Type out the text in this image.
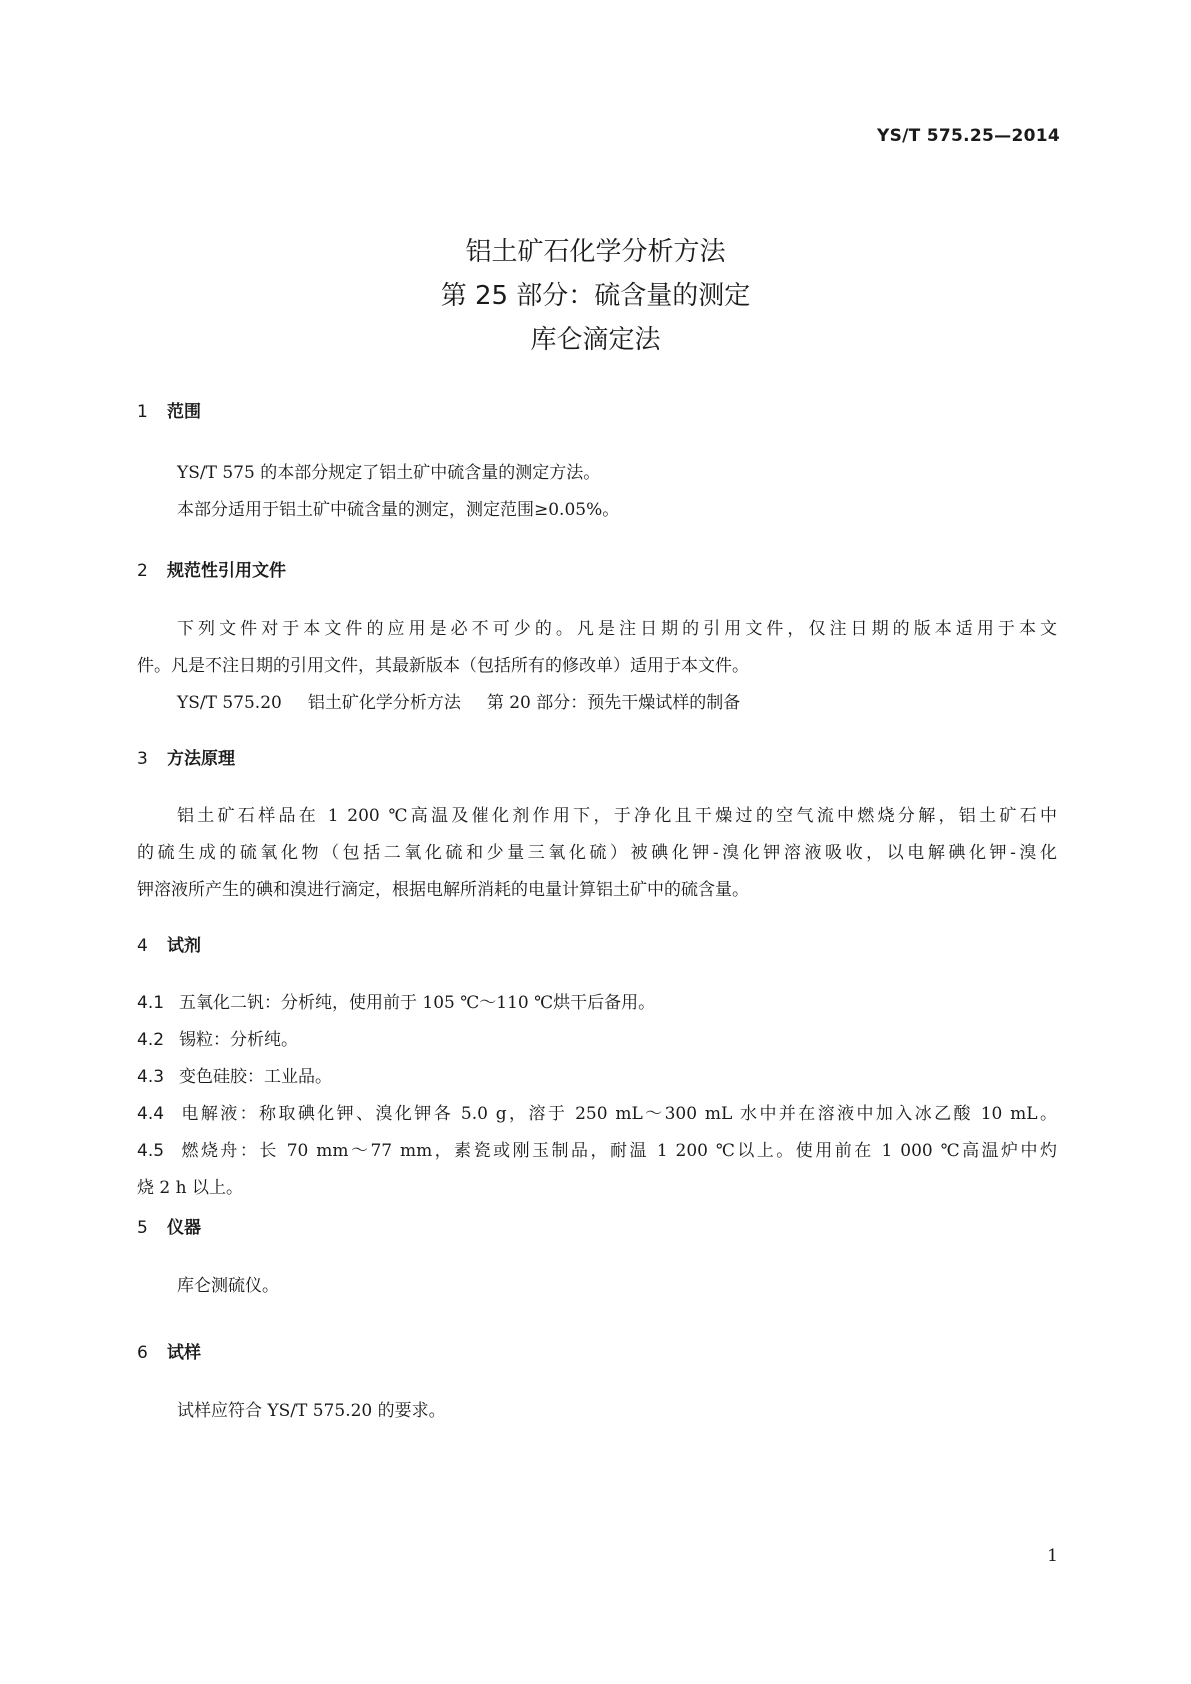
YS/T 575.25—2014
铝土矿石化学分析方法
第 25 部分：硫含量的测定
库仑滴定法
1 范围
YS/T 575 的本部分规定了铝土矿中硫含量的测定方法。
本部分适用于铝土矿中硫含量的测定，测定范围≥0.05%。
2 规范性引用文件
下列文件对于本文件的应用是必不可少的。凡是注日期的引用文件，仅注日期的版本适用于本文
件。凡是不注日期的引用文件，其最新版本（包括所有的修改单）适用于本文件。
YS/T 575.20 铝土矿化学分析方法 第 20 部分：预先干燥试样的制备
3 方法原理
铝土矿石样品在 1 200 ℃高温及催化剂作用下，于净化且干燥过的空气流中燃烧分解，铝土矿石中
的硫生成的硫氧化物（包括二氧化硫和少量三氧化硫）被碘化钾-溴化钾溶液吸收，以电解碘化钾-溴化
钾溶液所产生的碘和溴进行滴定，根据电解所消耗的电量计算铝土矿中的硫含量。
4 试剂
4.1 五氧化二钒：分析纯，使用前于 105 ℃～110 ℃烘干后备用。
4.2 锡粒：分析纯。
4.3 变色硅胶：工业品。
4.4 电解液：称取碘化钾、溴化钾各 5.0 g，溶于 250 mL～300 mL 水中并在溶液中加入冰乙酸 10 mL。
4.5 燃烧舟：长 70 mm～77 mm，素瓷或刚玉制品，耐温 1 200 ℃以上。使用前在 1 000 ℃高温炉中灼
烧 2 h 以上。
5 仪器
库仑测硫仪。
6 试样
试样应符合 YS/T 575.20 的要求。
1
